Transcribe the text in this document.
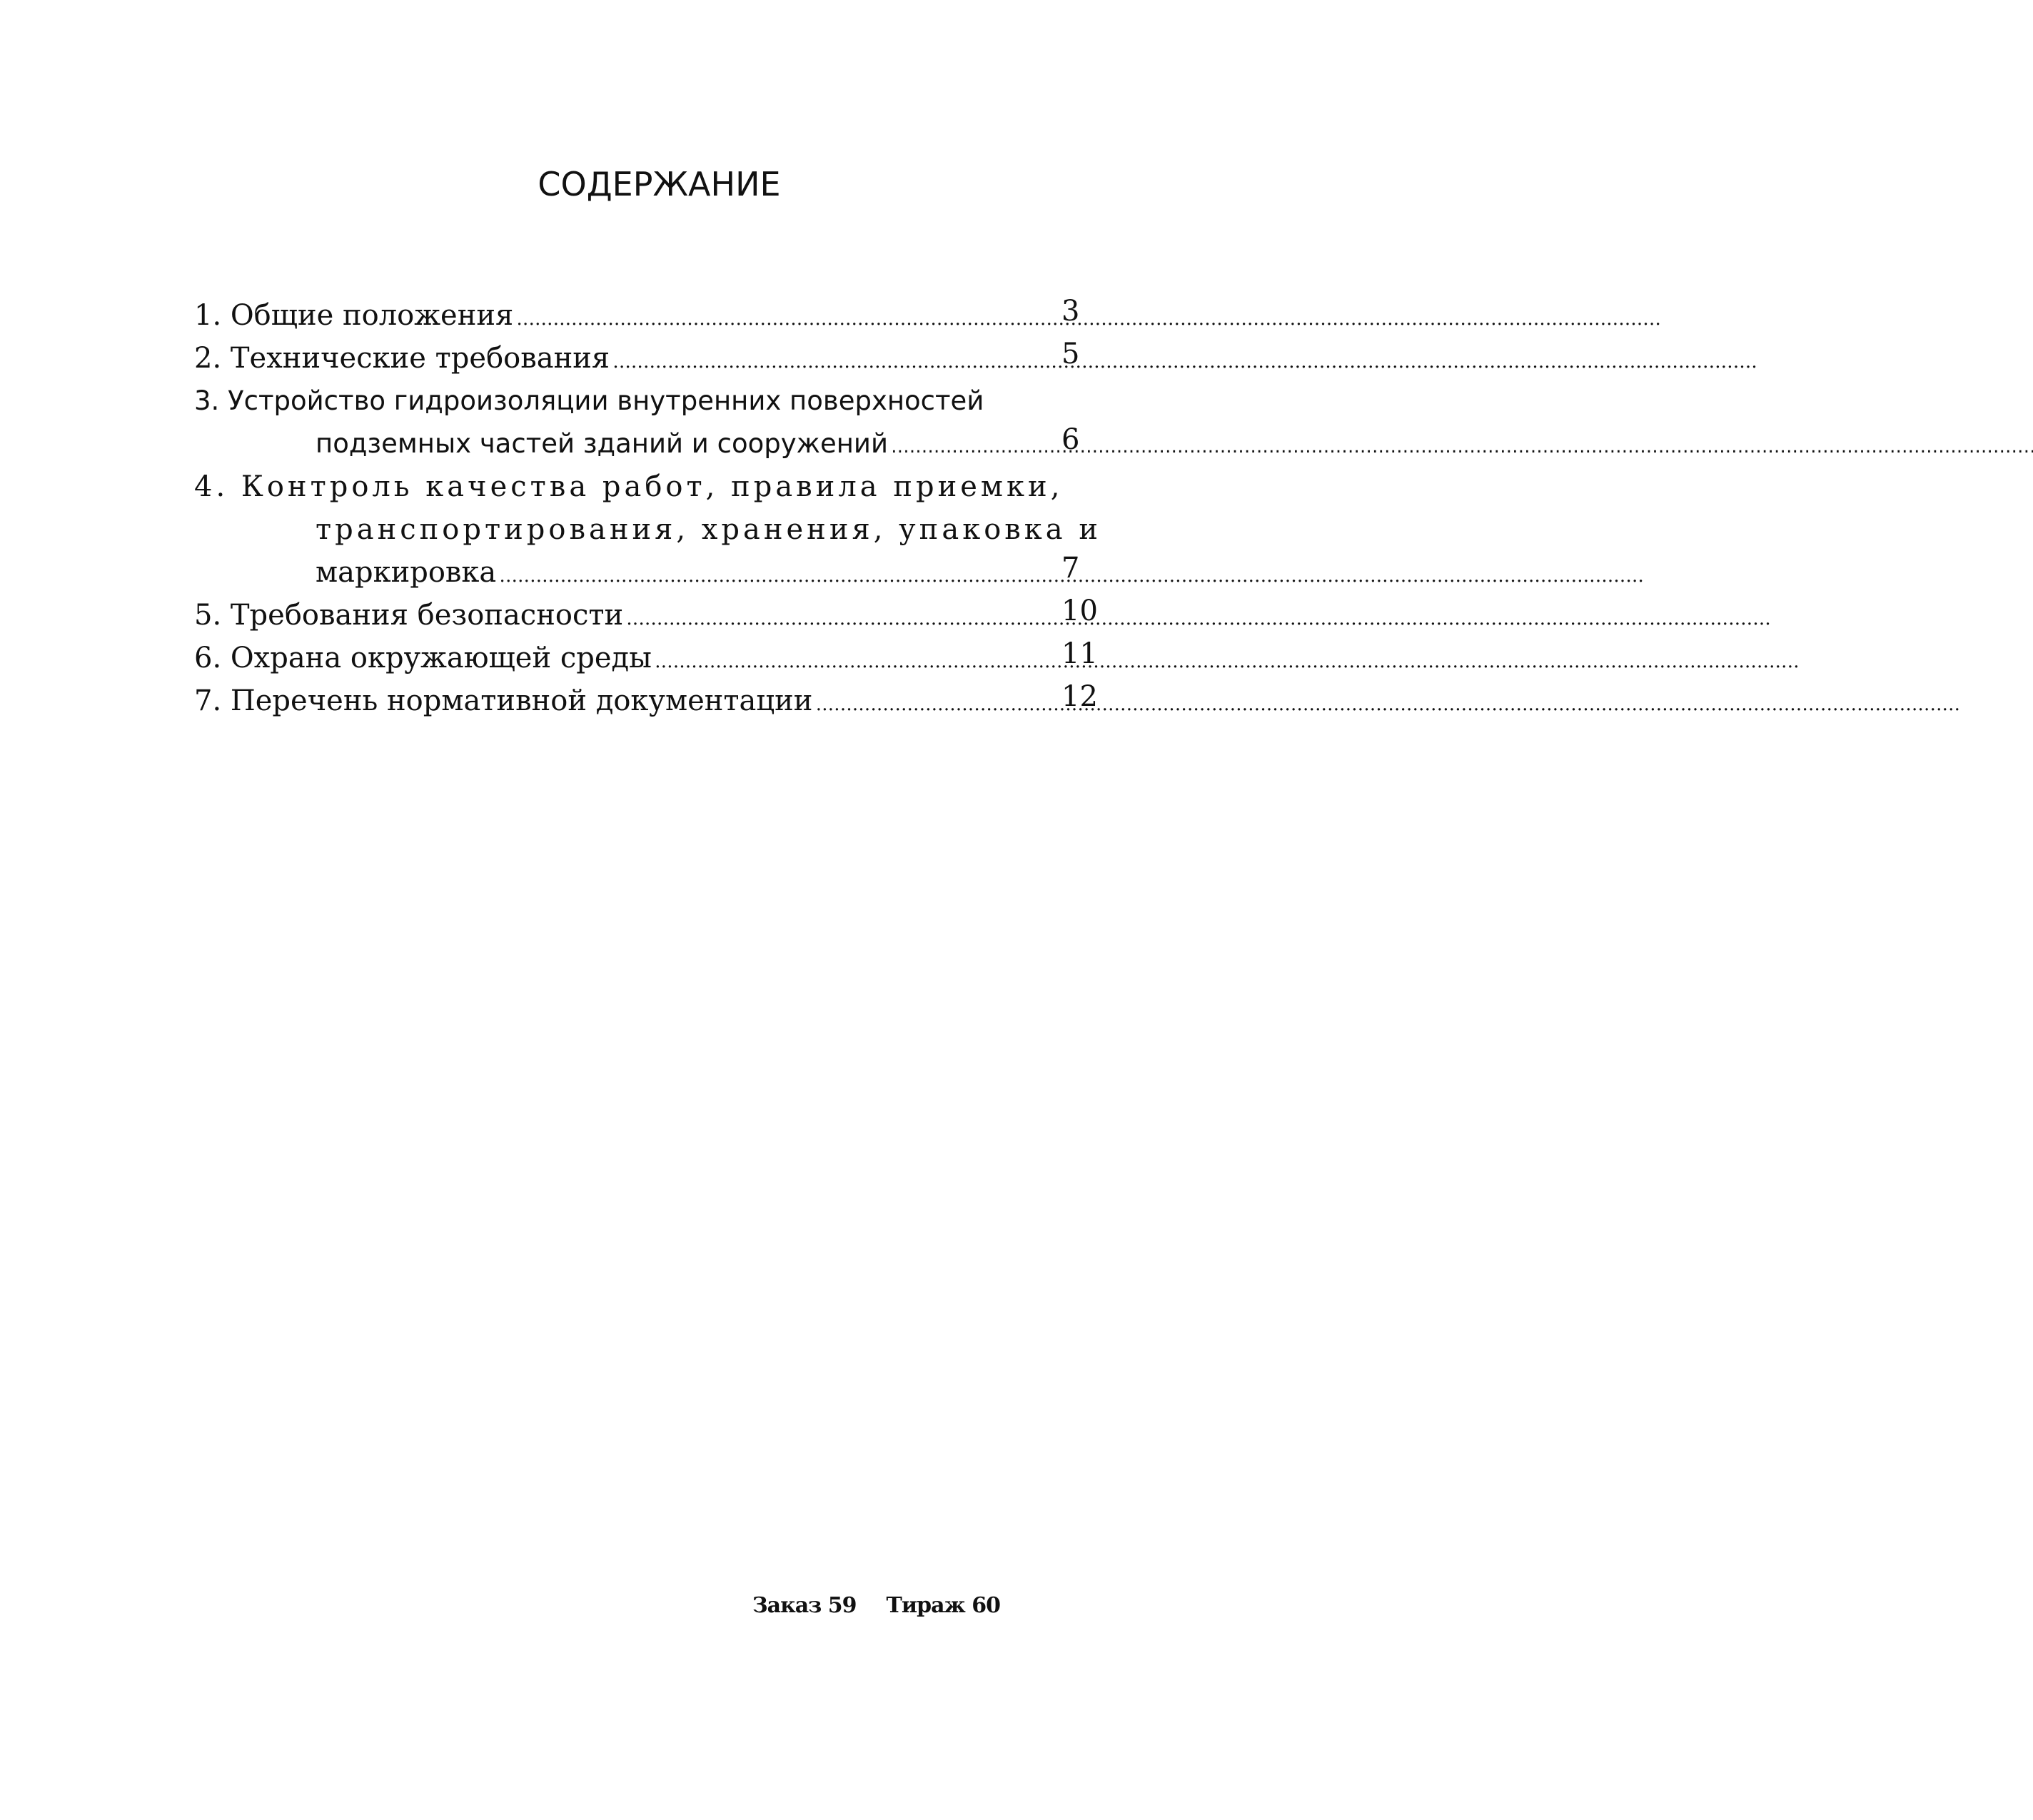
СОДЕРЖАНИЕ
1. Общие положения . . .	3
2. Технические требования . . .	5
3. Устройство гидроизоляции внутренних поверхностей
подземных частей зданий и сооружений . . .	6
4. Контроль качества работ, правила приемки,
транспортирования, хранения, упаковка и
маркировка . . .	7
5. Требования безопасности . . .	10
6. Охрана окружающей среды . . .	11
7. Перечень нормативной документации . . .	12
Заказ 59 Тираж 60
